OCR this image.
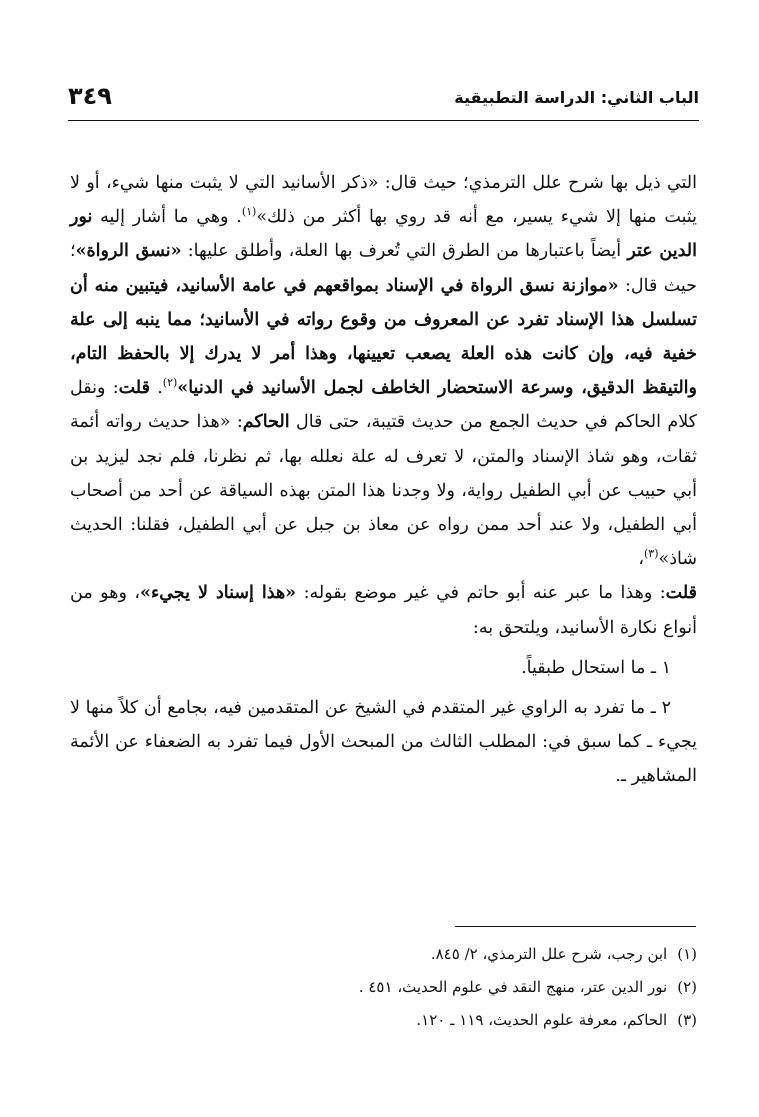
الباب الثاني: الدراسة التطبيقية
٣٤٩

التي ذيل بها شرح علل الترمذي؛ حيث قال: «ذكر الأسانيد التي لا يثبت منها شيء، أو لا يثبت منها إلا شيء يسير، مع أنه قد روي بها أكثر من ذلك»$^{(١)}$. وهي ما أشار إليه نور الدين عتر أيضاً باعتبارها من الطرق التي تُعرف بها العلة، وأطلق عليها: «نسق الرواة»؛ حيث قال: «موازنة نسق الرواة في الإسناد بمواقعهم في عامة الأسانيد، فيتبين منه أن تسلسل هذا الإسناد تفرد عن المعروف من وقوع رواته في الأسانيد؛ مما ينبه إلى علة خفية فيه، وإن كانت هذه العلة يصعب تعيينها، وهذا أمر لا يدرك إلا بالحفظ التام، والتيقظ الدقيق، وسرعة الاستحضار الخاطف لجمل الأسانيد في الدنيا»$^{(٢)}$. قلت: ونقل كلام الحاكم في حديث الجمع من حديث قتيبة، حتى قال الحاكم: «هذا حديث رواته أئمة ثقات، وهو شاذ الإسناد والمتن، لا تعرف له علة نعلله بها، ثم نظرنا، فلم نجد ليزيد بن أبي حبيب عن أبي الطفيل رواية، ولا وجدنا هذا المتن بهذه السياقة عن أحد من أصحاب أبي الطفيل، ولا عند أحد ممن رواه عن معاذ بن جبل عن أبي الطفيل، فقلنا: الحديث شاذ»$^{(٣)}$،

قلت: وهذا ما عبر عنه أبو حاتم في غير موضع بقوله: «هذا إسناد لا يجيء»، وهو من أنواع نكارة الأسانيد، ويلتحق به:

١ ـ ما استحال طبقياً.

٢ ـ ما تفرد به الراوي غير المتقدم في الشيخ عن المتقدمين فيه، بجامع أن كلاً منها لا يجيء ـ كما سبق في: المطلب الثالث من المبحث الأول فيما تفرد به الضعفاء عن الأئمة المشاهير ـ.

(١)ابن رجب، شرح علل الترمذي، ٢/ ٨٤٥.

(٢)نور الدين عتر، منهج النقد في علوم الحديث، ٤٥١ .

(٣)الحاكم، معرفة علوم الحديث، ١١٩ ـ ١٢٠.
